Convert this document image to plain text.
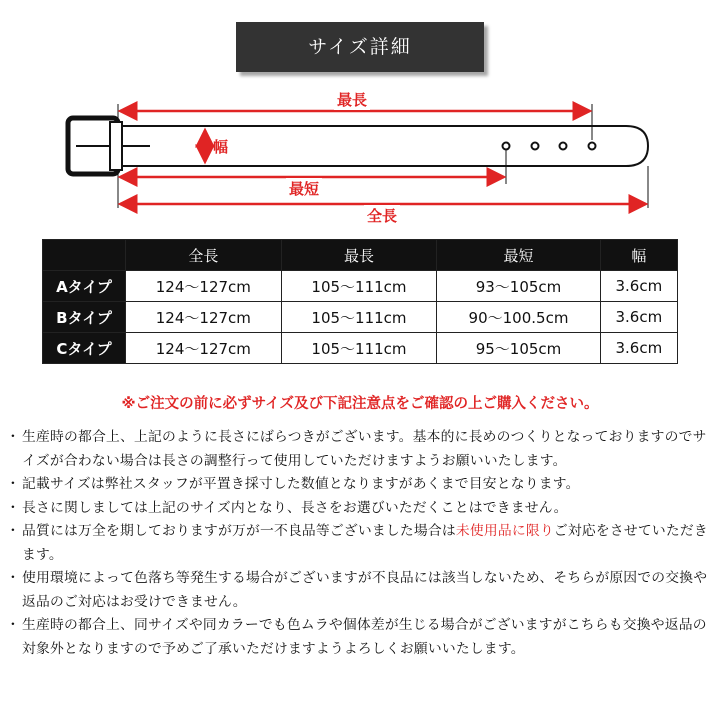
サイズ詳細
最長
幅
最短
全長
	全長	最長	最短	幅
Aタイプ	124〜127cm	105〜111cm	93〜105cm	3.6cm
Bタイプ	124〜127cm	105〜111cm	90〜100.5cm	3.6cm
Cタイプ	124〜127cm	105〜111cm	95〜105cm	3.6cm
※ご注文の前に必ずサイズ及び下記注意点をご確認の上ご購入ください。
・ 生産時の都合上、上記のように長さにばらつきがございます。基本的に長めのつくりとなっておりますのでサイズが合わない場合は長さの調整行って使用していただけますようお願いいたします。
・ 記載サイズは弊社スタッフが平置き採寸した数値となりますがあくまで目安となります。
・ 長さに関しましては上記のサイズ内となり、長さをお選びいただくことはできません。
・ 品質には万全を期しておりますが万が一不良品等ございました場合は未使用品に限りご対応をさせていただきます。
・ 使用環境によって色落ち等発生する場合がございますが不良品には該当しないため、そちらが原因での交換や返品のご対応はお受けできません。
・ 生産時の都合上、同サイズや同カラーでも色ムラや個体差が生じる場合がございますがこちらも交換や返品の対象外となりますので予めご了承いただけますようよろしくお願いいたします。
